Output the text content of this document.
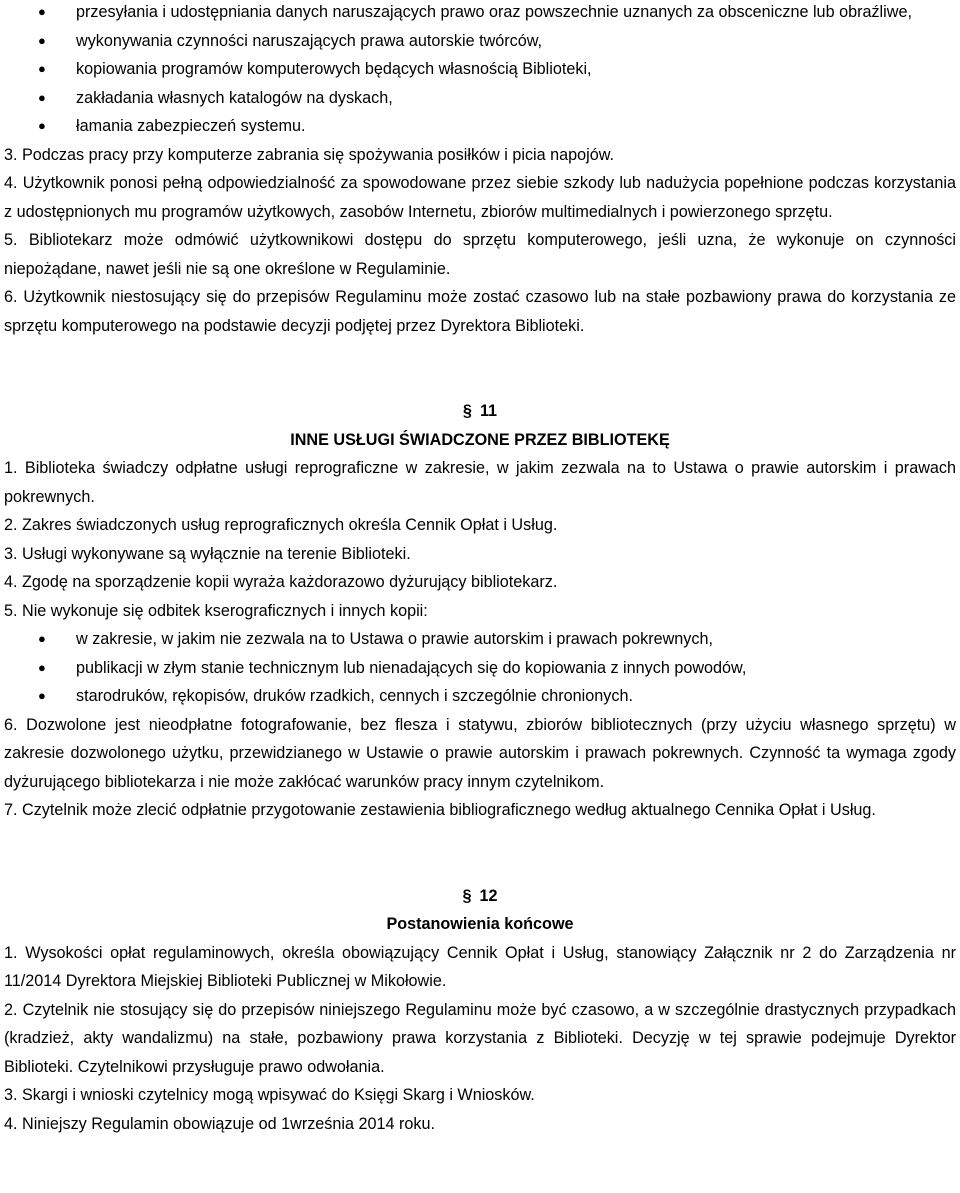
● przesyłania i udostępniania danych naruszających prawo oraz powszechnie uznanych za obsceniczne lub obraźliwe,
● wykonywania czynności naruszających prawa autorskie twórców,
● kopiowania programów komputerowych będących własnością Biblioteki,
● zakładania własnych katalogów na dyskach,
● łamania zabezpieczeń systemu.

3. Podczas pracy przy komputerze zabrania się spożywania posiłków i picia napojów.

4. Użytkownik ponosi pełną odpowiedzialność za spowodowane przez siebie szkody lub nadużycia popełnione podczas korzystania z udostępnionych mu programów użytkowych, zasobów Internetu, zbiorów multimedialnych i powierzonego sprzętu.

5. Bibliotekarz może odmówić użytkownikowi dostępu do sprzętu komputerowego, jeśli uzna, że wykonuje on czynności niepożądane, nawet jeśli nie są one określone w Regulaminie.

6. Użytkownik niestosujący się do przepisów Regulaminu może zostać czasowo lub na stałe pozbawiony prawa do korzystania ze sprzętu komputerowego na podstawie decyzji podjętej przez Dyrektora Biblioteki.

§ 11

INNE USŁUGI ŚWIADCZONE PRZEZ BIBLIOTEKĘ

1. Biblioteka świadczy odpłatne usługi reprograficzne w zakresie, w jakim zezwala na to Ustawa o prawie autorskim i prawach pokrewnych.

2. Zakres świadczonych usług reprograficznych określa Cennik Opłat i Usług.

3. Usługi wykonywane są wyłącznie na terenie Biblioteki.

4. Zgodę na sporządzenie kopii wyraża każdorazowo dyżurujący bibliotekarz.

5. Nie wykonuje się odbitek kserograficznych i innych kopii:

● w zakresie, w jakim nie zezwala na to Ustawa o prawie autorskim i prawach pokrewnych,
● publikacji w złym stanie technicznym lub nienadających się do kopiowania z innych powodów,
● starodruków, rękopisów, druków rzadkich, cennych i szczególnie chronionych.

6. Dozwolone jest nieodpłatne fotografowanie, bez flesza i statywu, zbiorów bibliotecznych (przy użyciu własnego sprzętu) w zakresie dozwolonego użytku, przewidzianego w Ustawie o prawie autorskim i prawach pokrewnych. Czynność ta wymaga zgody dyżurującego bibliotekarza i nie może zakłócać warunków pracy innym czytelnikom.

7. Czytelnik może zlecić odpłatnie przygotowanie zestawienia bibliograficznego według aktualnego Cennika Opłat i Usług.

§ 12

Postanowienia końcowe

1. Wysokości opłat regulaminowych, określa obowiązujący Cennik Opłat i Usług, stanowiący Załącznik nr 2 do Zarządzenia nr 11/2014 Dyrektora Miejskiej Biblioteki Publicznej w Mikołowie.

2. Czytelnik nie stosujący się do przepisów niniejszego Regulaminu może być czasowo, a w szczególnie drastycznych przypadkach (kradzież, akty wandalizmu) na stałe, pozbawiony prawa korzystania z Biblioteki. Decyzję w tej sprawie podejmuje Dyrektor Biblioteki. Czytelnikowi przysługuje prawo odwołania.

3. Skargi i wnioski czytelnicy mogą wpisywać do Księgi Skarg i Wniosków.

4. Niniejszy Regulamin obowiązuje od 1września 2014 roku.
